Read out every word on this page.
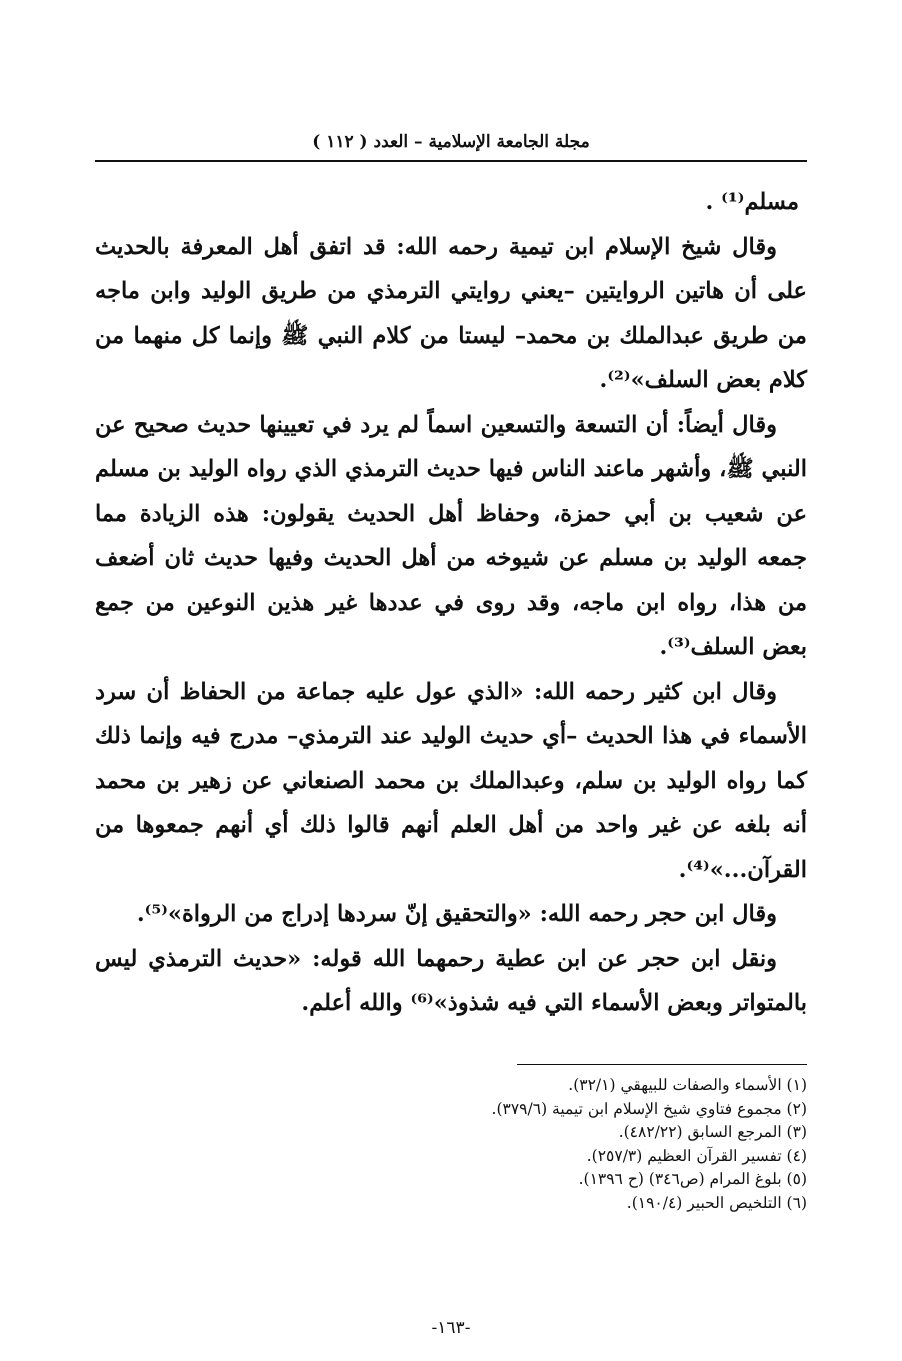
مجلة الجامعة الإسلامية – العدد ( ١١٢ )

مسلم⁽¹⁾ .

وقال شيخ الإسلام ابن تيمية رحمه الله: قد اتفق أهل المعرفة بالحديث على أن هاتين الروايتين –يعني روايتي الترمذي من طريق الوليد وابن ماجه من طريق عبدالملك بن محمد– ليستا من كلام النبي ﷺ وإنما كل منهما من كلام بعض السلف»⁽²⁾.

وقال أيضاً: أن التسعة والتسعين اسماً لم يرد في تعيينها حديث صحيح عن النبي ﷺ، وأشهر ماعند الناس فيها حديث الترمذي الذي رواه الوليد بن مسلم عن شعيب بن أبي حمزة، وحفاظ أهل الحديث يقولون: هذه الزيادة مما جمعه الوليد بن مسلم عن شيوخه من أهل الحديث وفيها حديث ثان أضعف من هذا، رواه ابن ماجه، وقد روى في عددها غير هذين النوعين من جمع بعض السلف⁽³⁾.

وقال ابن كثير رحمه الله: «الذي عول عليه جماعة من الحفاظ أن سرد الأسماء في هذا الحديث –أي حديث الوليد عند الترمذي– مدرج فيه وإنما ذلك كما رواه الوليد بن سلم، وعبدالملك بن محمد الصنعاني عن زهير بن محمد أنه بلغه عن غير واحد من أهل العلم أنهم قالوا ذلك أي أنهم جمعوها من القرآن...»⁽⁴⁾.

وقال ابن حجر رحمه الله: «والتحقيق إنّ سردها إدراج من الرواة»⁽⁵⁾.

ونقل ابن حجر عن ابن عطية رحمهما الله قوله: «حديث الترمذي ليس بالمتواتر وبعض الأسماء التي فيه شذوذ»⁽⁶⁾ والله أعلم.

(١) الأسماء والصفات للبيهقي (٣٢/١).

(٢) مجموع فتاوي شيخ الإسلام ابن تيمية (٣٧٩/٦).

(٣) المرجع السابق (٤٨٢/٢٢).

(٤) تفسير القرآن العظيم (٢٥٧/٣).

(٥) بلوغ المرام (ص٣٤٦) (ح ١٣٩٦).

(٦) التلخيص الحبير (١٩٠/٤).

-١٦٣-
